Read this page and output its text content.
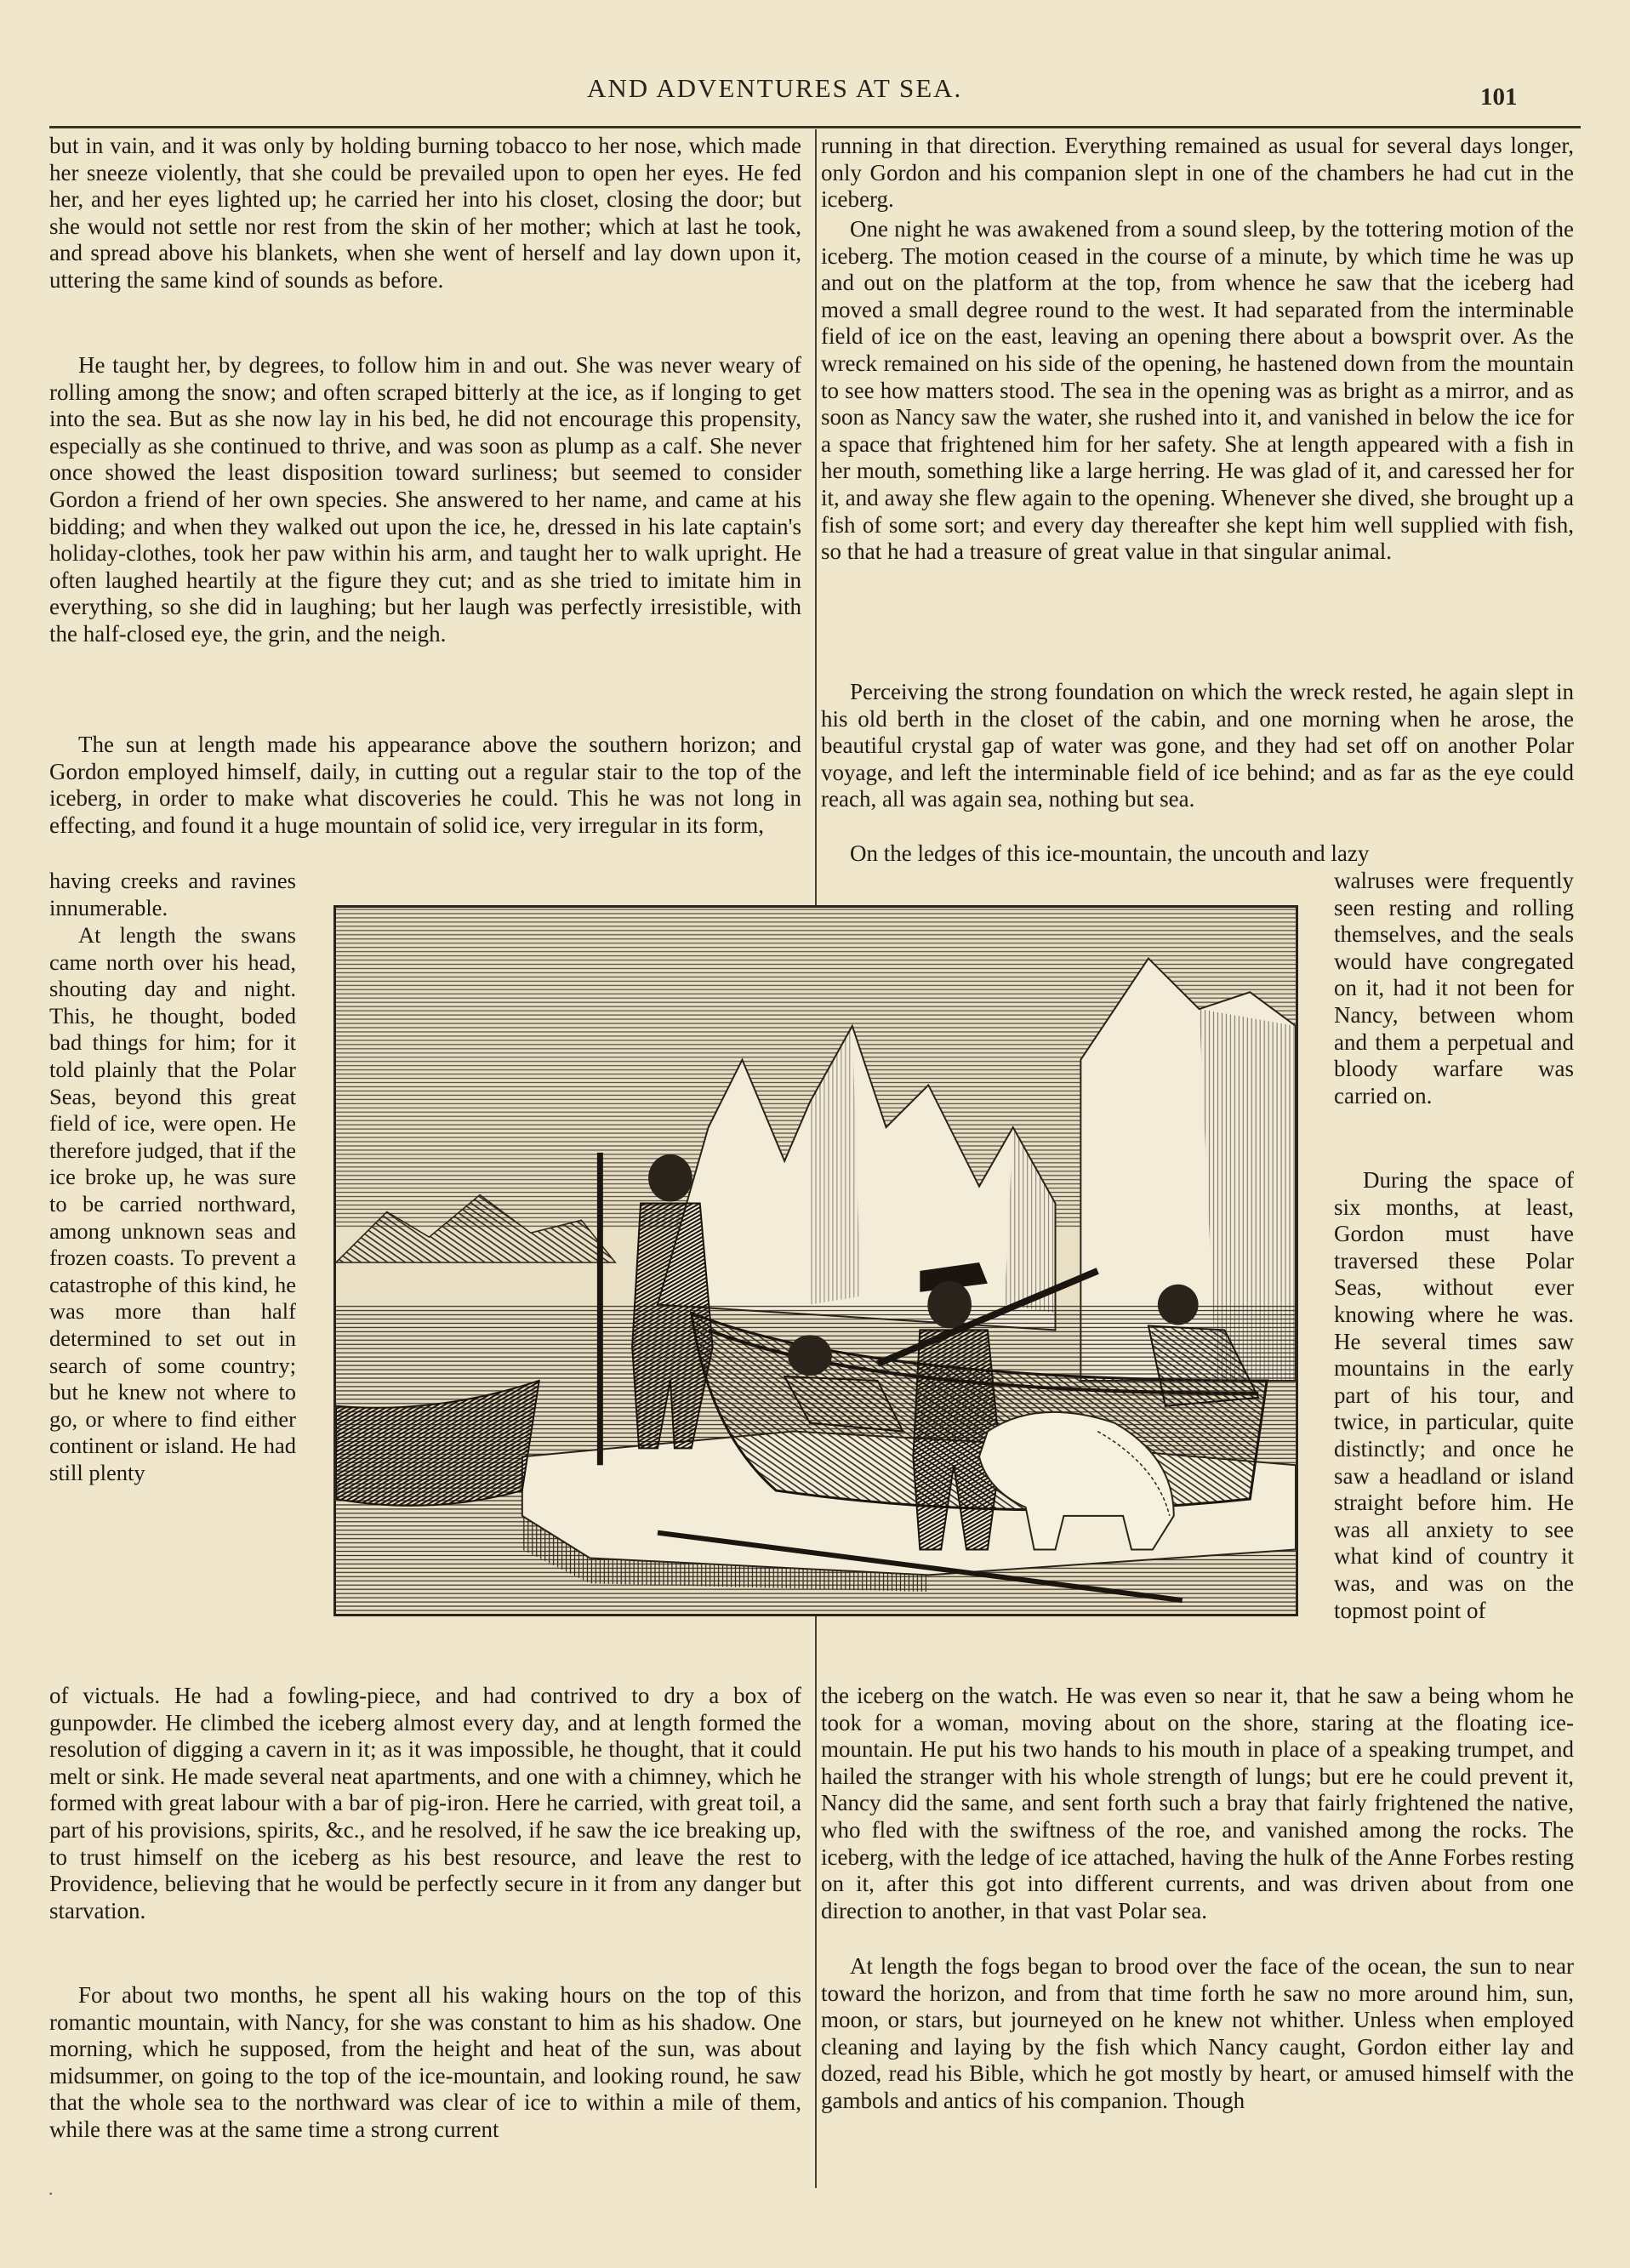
AND ADVENTURES AT SEA.	101

but in vain, and it was only by holding burning tobacco to her nose, which made her sneeze violently, that she could be prevailed upon to open her eyes. He fed her, and her eyes lighted up; he carried her into his closet, closing the door; but she would not settle nor rest from the skin of her mother; which at last he took, and spread above his blankets, when she went of herself and lay down upon it, uttering the same kind of sounds as before.

He taught her, by degrees, to follow him in and out. She was never weary of rolling among the snow; and often scraped bitterly at the ice, as if longing to get into the sea. But as she now lay in his bed, he did not encourage this propensity, especially as she continued to thrive, and was soon as plump as a calf. She never once showed the least disposition toward surliness; but seemed to consider Gordon a friend of her own species. She answered to her name, and came at his bidding; and when they walked out upon the ice, he, dressed in his late captain's holiday-clothes, took her paw within his arm, and taught her to walk upright. He often laughed heartily at the figure they cut; and as she tried to imitate him in everything, so she did in laughing; but her laugh was perfectly irresistible, with the half-closed eye, the grin, and the neigh.

The sun at length made his appearance above the southern horizon; and Gordon employed himself, daily, in cutting out a regular stair to the top of the iceberg, in order to make what discoveries he could. This he was not long in effecting, and found it a huge mountain of solid ice, very irregular in its form,

having creeks and ravines innumerable.

At length the swans came north over his head, shouting day and night. This, he thought, boded bad things for him; for it told plainly that the Polar Seas, beyond this great field of ice, were open. He therefore judged, that if the ice broke up, he was sure to be carried northward, among unknown seas and frozen coasts. To prevent a catastrophe of this kind, he was more than half determined to set out in search of some country; but he knew not where to go, or where to find either continent or island. He had still plenty

of victuals. He had a fowling-piece, and had contrived to dry a box of gunpowder. He climbed the iceberg almost every day, and at length formed the resolution of digging a cavern in it; as it was impossible, he thought, that it could melt or sink. He made several neat apartments, and one with a chimney, which he formed with great labour with a bar of pig-iron. Here he carried, with great toil, a part of his provisions, spirits, &c., and he resolved, if he saw the ice breaking up, to trust himself on the iceberg as his best resource, and leave the rest to Providence, believing that he would be perfectly secure in it from any danger but starvation.

For about two months, he spent all his waking hours on the top of this romantic mountain, with Nancy, for she was constant to him as his shadow. One morning, which he supposed, from the height and heat of the sun, was about midsummer, on going to the top of the ice-mountain, and looking round, he saw that the whole sea to the northward was clear of ice to within a mile of them, while there was at the same time a strong current

running in that direction. Everything remained as usual for several days longer, only Gordon and his companion slept in one of the chambers he had cut in the iceberg.

One night he was awakened from a sound sleep, by the tottering motion of the iceberg. The motion ceased in the course of a minute, by which time he was up and out on the platform at the top, from whence he saw that the iceberg had moved a small degree round to the west. It had separated from the interminable field of ice on the east, leaving an opening there about a bowsprit over. As the wreck remained on his side of the opening, he hastened down from the mountain to see how matters stood. The sea in the opening was as bright as a mirror, and as soon as Nancy saw the water, she rushed into it, and vanished in below the ice for a space that frightened him for her safety. She at length appeared with a fish in her mouth, something like a large herring. He was glad of it, and caressed her for it, and away she flew again to the opening. Whenever she dived, she brought up a fish of some sort; and every day thereafter she kept him well supplied with fish, so that he had a treasure of great value in that singular animal.

Perceiving the strong foundation on which the wreck rested, he again slept in his old berth in the closet of the cabin, and one morning when he arose, the beautiful crystal gap of water was gone, and they had set off on another Polar voyage, and left the interminable field of ice behind; and as far as the eye could reach, all was again sea, nothing but sea.

On the ledges of this ice-mountain, the uncouth and lazy

walruses were frequently seen resting and rolling themselves, and the seals would have congregated on it, had it not been for Nancy, between whom and them a perpetual and bloody warfare was carried on.

During the space of six months, at least, Gordon must have traversed these Polar Seas, without ever knowing where he was. He several times saw mountains in the early part of his tour, and twice, in particular, quite distinctly; and once he saw a headland or island straight before him. He was all anxiety to see what kind of country it was, and was on the topmost point of

the iceberg on the watch. He was even so near it, that he saw a being whom he took for a woman, moving about on the shore, staring at the floating ice-mountain. He put his two hands to his mouth in place of a speaking trumpet, and hailed the stranger with his whole strength of lungs; but ere he could prevent it, Nancy did the same, and sent forth such a bray that fairly frightened the native, who fled with the swiftness of the roe, and vanished among the rocks. The iceberg, with the ledge of ice attached, having the hulk of the Anne Forbes resting on it, after this got into different currents, and was driven about from one direction to another, in that vast Polar sea.

At length the fogs began to brood over the face of the ocean, the sun to near toward the horizon, and from that time forth he saw no more around him, sun, moon, or stars, but journeyed on he knew not whither. Unless when employed cleaning and laying by the fish which Nancy caught, Gordon either lay and dozed, read his Bible, which he got mostly by heart, or amused himself with the gambols and antics of his companion. Though

·
